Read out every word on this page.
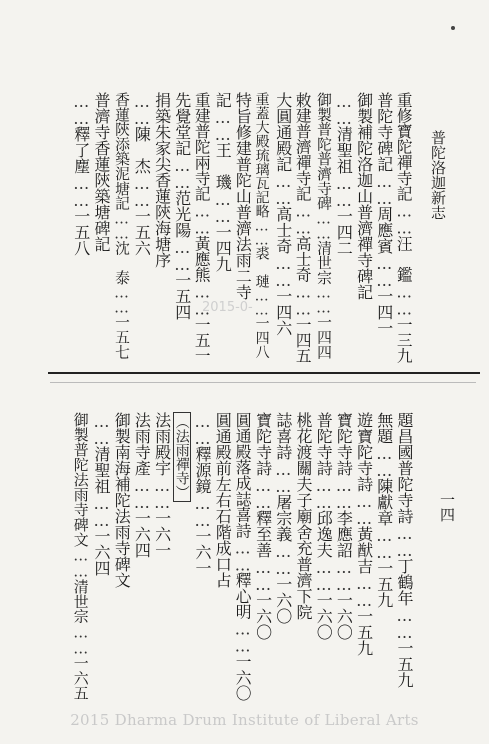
普陀洛迦新志
一四
2015-0-
重修寶陀禪寺記……汪　鑑……一三九
普陀寺碑記……周應賓……一四一
御製補陀洛迦山普濟禪寺碑記
……清聖祖……一四二
御製普陀普濟寺碑……清世宗……一四四
敕建普濟禪寺記……高士奇……一四五
大圓通殿記……高士奇……一四六
重蓋大殿琉璃瓦記略……裘　璉……一四八
特旨修建普陀山普濟法雨二寺
記……王　璣……一四九
重建普陀兩寺記……黃應熊……一五一
先覺堂記……范光陽……一五四
捐築朱家尖香蓮陝海塘序
……陳　杰……一五六
香蓮陝添築泥塘記……沈　泰……一五七
普濟寺香蓮陝築塘碑記
……釋了塵……一五八
題昌國普陀寺詩……丁鶴年……一五九
無題……陳獻章……一五九
遊寶陀寺詩……黃猷吉……一五九
寶陀寺詩……李應詔……一六〇
普陀寺詩……邱逸夫……一六〇
桃花渡關夫子廟舍充普濟下院
誌喜詩……屠宗義……一六〇
寶陀寺詩……釋至善……一六〇
圓通殿落成誌喜詩……釋心明……一六〇
圓通殿前左右石階成口占
……釋源鏡……一六一
（法雨禪寺）
法雨殿宇……一六一
法雨寺產……一六四
御製南海補陀法雨寺碑文
……清聖祖……一六四
御製普陀法雨寺碑文……清世宗……一六五
2015 Dharma Drum Institute of Liberal Arts
